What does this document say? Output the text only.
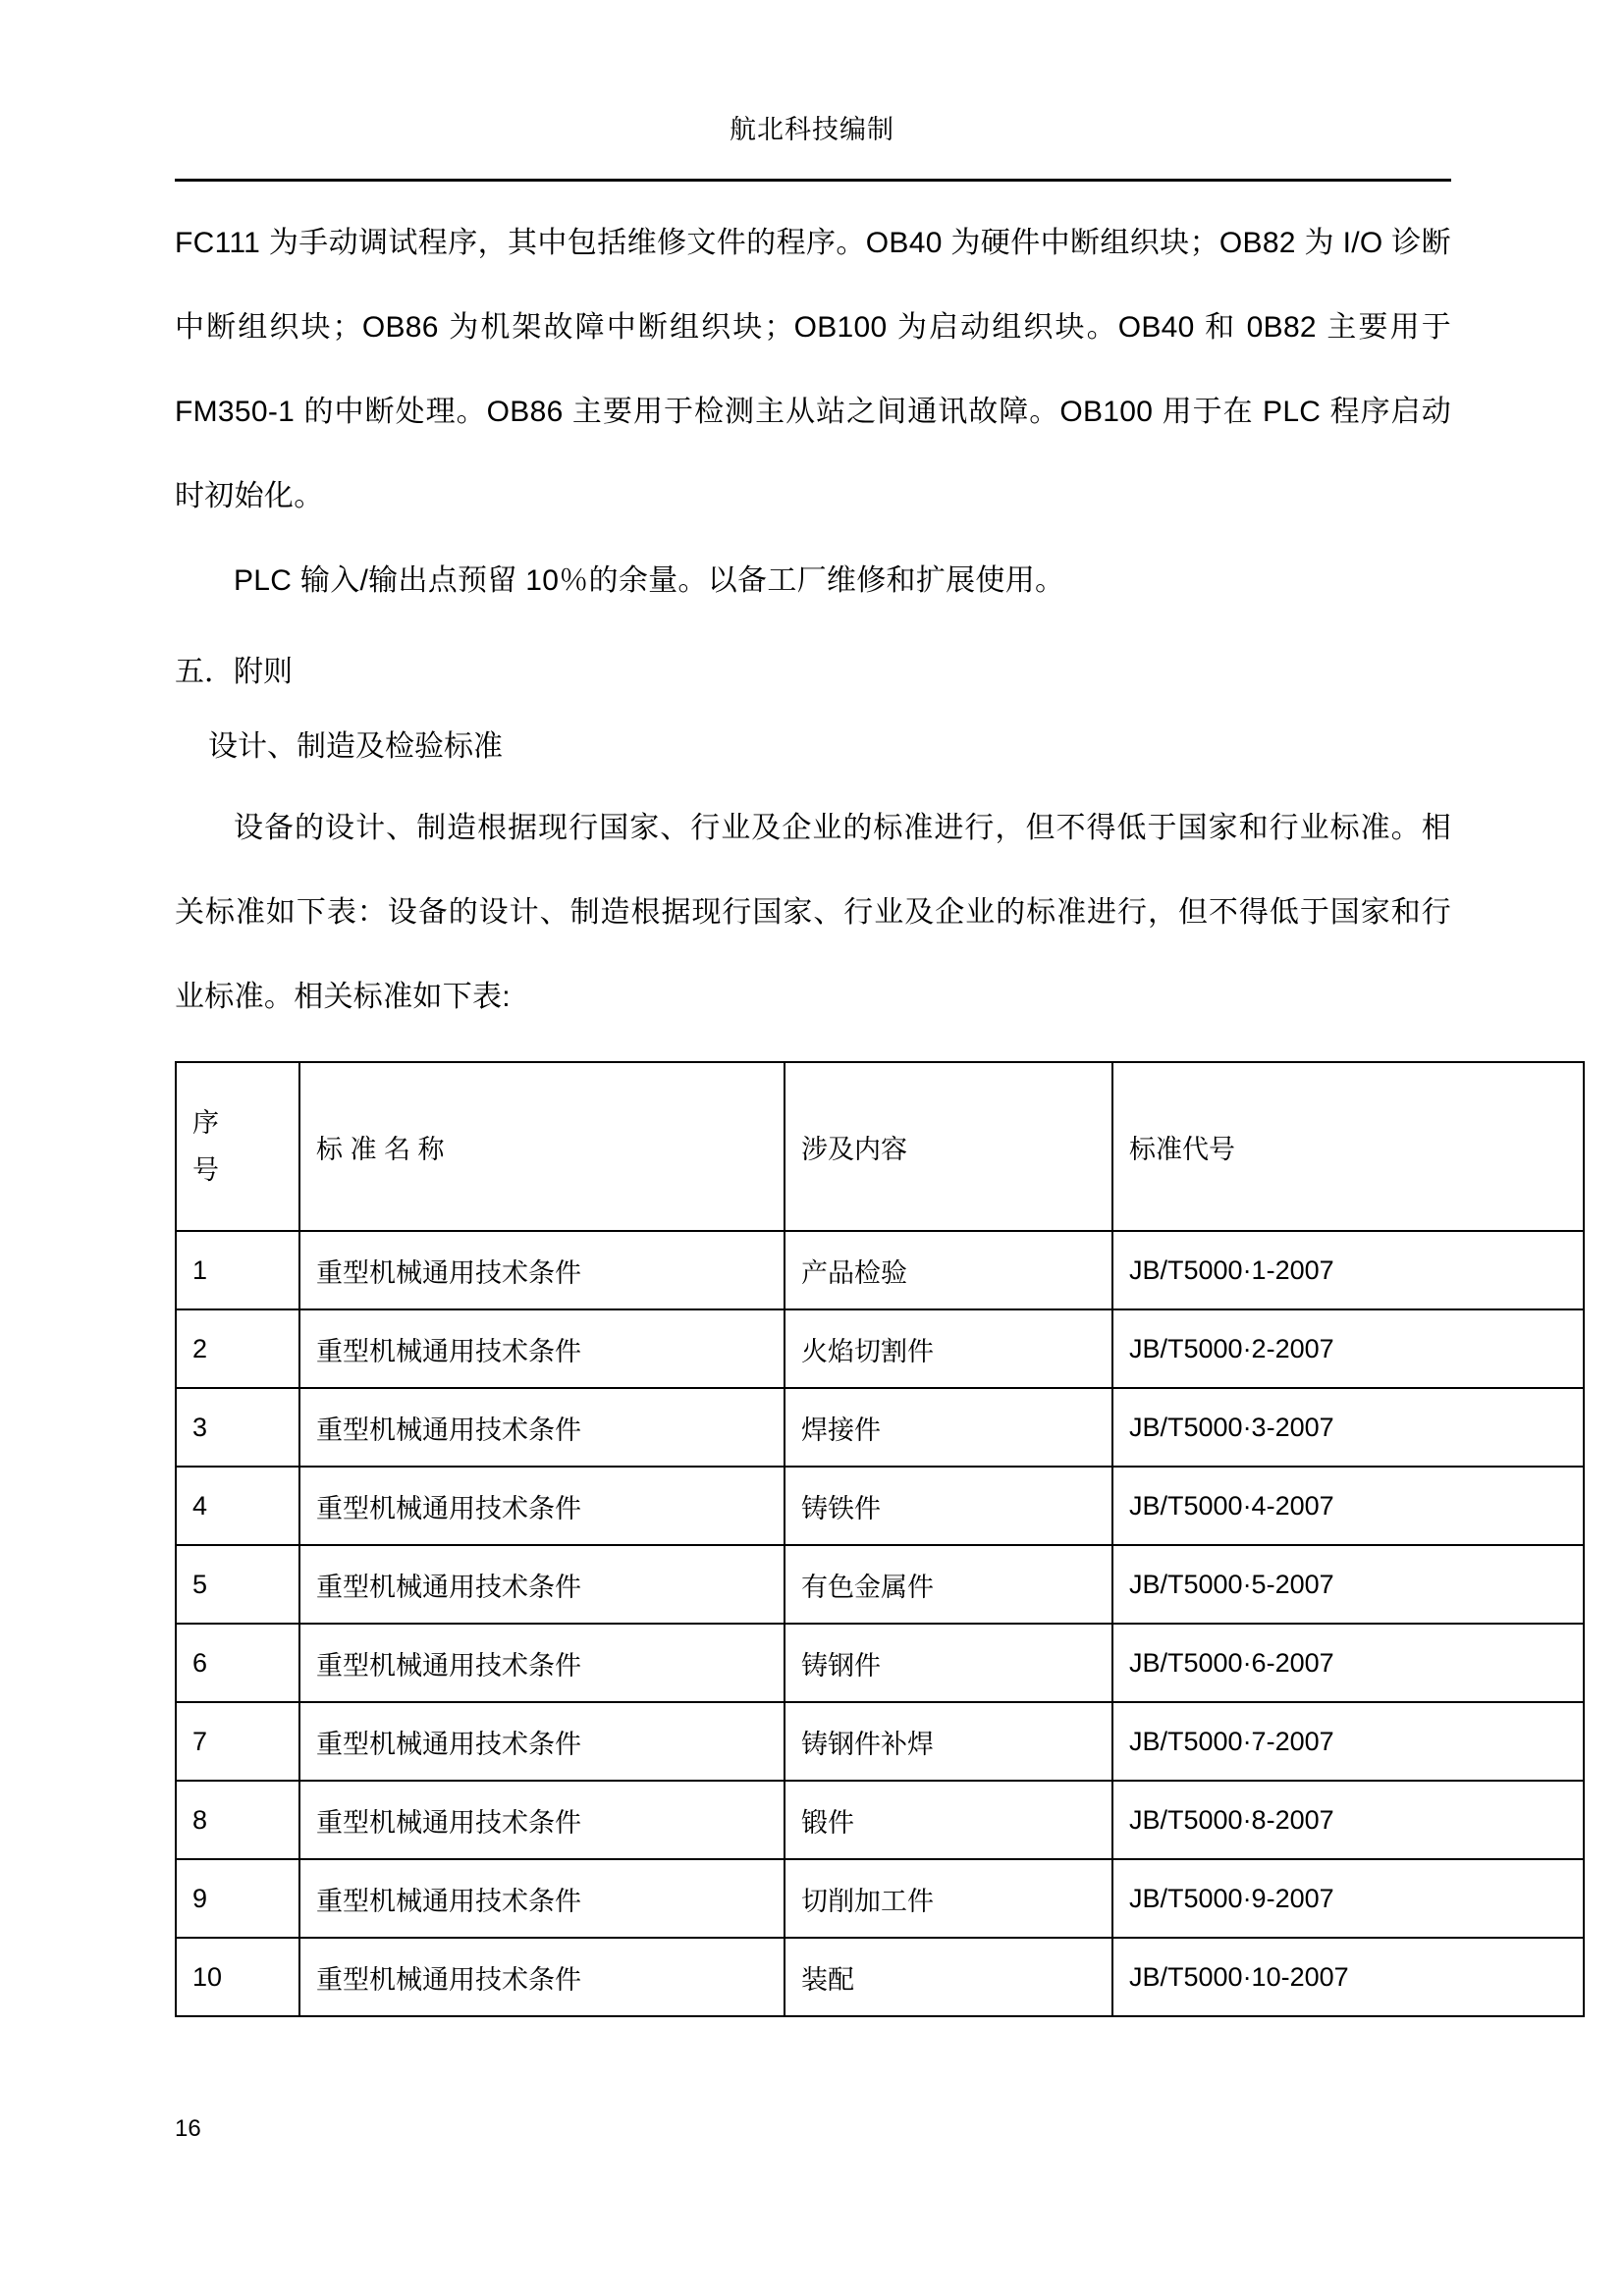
航北科技编制

FC111 为手动调试程序，其中包括维修文件的程序。OB40 为硬件中断组织块；OB82 为 I/O 诊断中断组织块；OB86 为机架故障中断组织块；OB100 为启动组织块。OB40 和 0B82 主要用于 FM350-1 的中断处理。OB86 主要用于检测主从站之间通讯故障。OB100 用于在 PLC 程序启动时初始化。

PLC 输入/输出点预留 10％的余量。以备工厂维修和扩展使用。

五．附则

设计、制造及检验标准

设备的设计、制造根据现行国家、行业及企业的标准进行，但不得低于国家和行业标准。相关标准如下表：设备的设计、制造根据现行国家、行业及企业的标准进行，但不得低于国家和行业标准。相关标准如下表:

序
号	标 准 名 称	涉及内容	标准代号
1	重型机械通用技术条件	产品检验	JB/T5000·1-2007
2	重型机械通用技术条件	火焰切割件	JB/T5000·2-2007
3	重型机械通用技术条件	焊接件	JB/T5000·3-2007
4	重型机械通用技术条件	铸铁件	JB/T5000·4-2007
5	重型机械通用技术条件	有色金属件	JB/T5000·5-2007
6	重型机械通用技术条件	铸钢件	JB/T5000·6-2007
7	重型机械通用技术条件	铸钢件补焊	JB/T5000·7-2007
8	重型机械通用技术条件	锻件	JB/T5000·8-2007
9	重型机械通用技术条件	切削加工件	JB/T5000·9-2007
10	重型机械通用技术条件	装配	JB/T5000·10-2007
16
